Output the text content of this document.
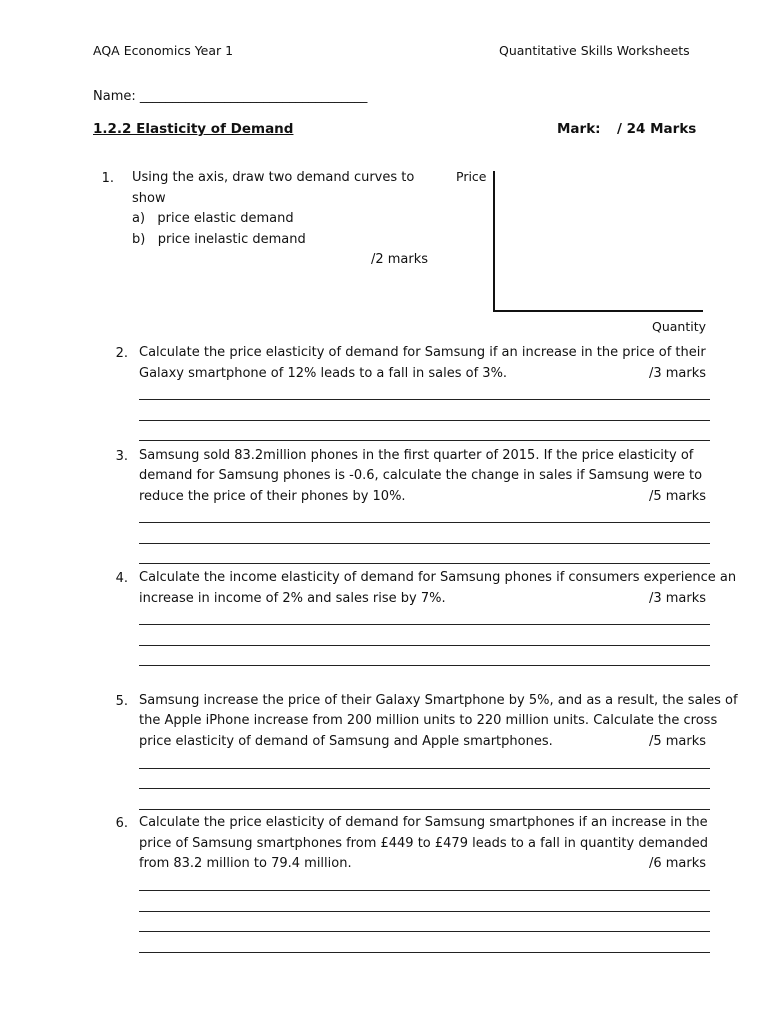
AQA Economics Year 1	Quantitative Skills Worksheets
Name: ___________________________________
1.2.2 Elasticity of Demand	Mark: / 24 Marks
1. Using the axis, draw two demand curves to
show
a)   price elastic demand
b)   price inelastic demand
/2 marks
Price
Quantity
2. Calculate the price elasticity of demand for Samsung if an increase in the price of their
Galaxy smartphone of 12% leads to a fall in sales of 3%.	/3 marks
3. Samsung sold 83.2million phones in the first quarter of 2015. If the price elasticity of
demand for Samsung phones is -0.6, calculate the change in sales if Samsung were to
reduce the price of their phones by 10%.	/5 marks
4. Calculate the income elasticity of demand for Samsung phones if consumers experience an
increase in income of 2% and sales rise by 7%.	/3 marks
5. Samsung increase the price of their Galaxy Smartphone by 5%, and as a result, the sales of
the Apple iPhone increase from 200 million units to 220 million units. Calculate the cross
price elasticity of demand of Samsung and Apple smartphones.	/5 marks
6. Calculate the price elasticity of demand for Samsung smartphones if an increase in the
price of Samsung smartphones from £449 to £479 leads to a fall in quantity demanded
from 83.2 million to 79.4 million.	/6 marks
